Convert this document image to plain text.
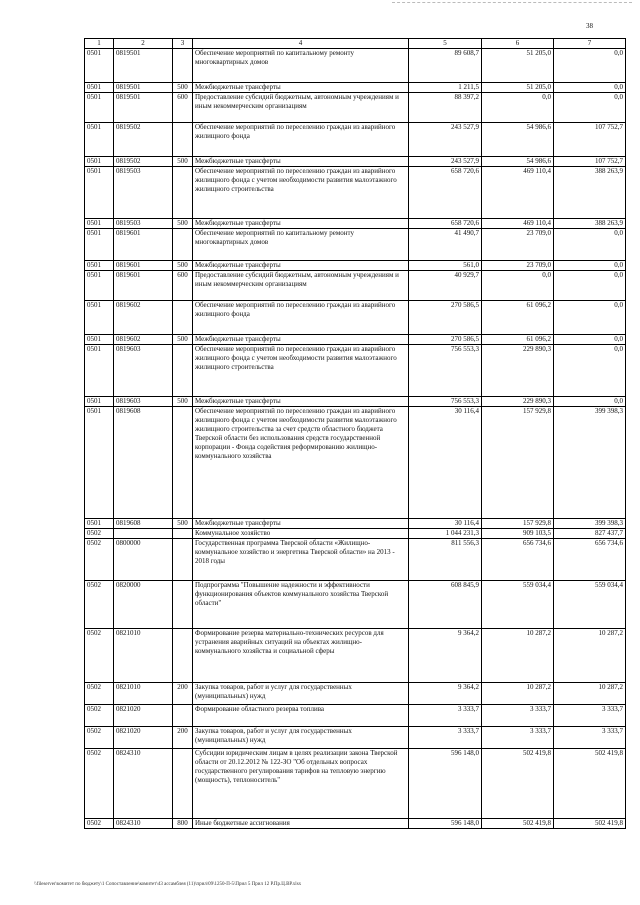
38
1	2	3	4	5	6	7
0501	0819501		Обеспечение мероприятий по капитальному ремонту многоквартирных домов	89 608,7	51 205,0	0,0
0501	0819501	500	Межбюджетные трансферты	1 211,5	51 205,0	0,0
0501	0819501	600	Предоставление субсидий бюджетным, автономным учреждениям и иным некоммерческим организациям	88 397,2	0,0	0,0
0501	0819502		Обеспечение мероприятий по переселению граждан из аварийного жилищного фонда	243 527,9	54 986,6	107 752,7
0501	0819502	500	Межбюджетные трансферты	243 527,9	54 986,6	107 752,7
0501	0819503		Обеспечение мероприятий по переселению граждан из аварийного жилищного фонда с учетом необходимости развития малоэтажного жилищного строительства	658 720,6	469 110,4	388 263,9
0501	0819503	500	Межбюджетные трансферты	658 720,6	469 110,4	388 263,9
0501	0819601		Обеспечение мероприятий по капитальному ремонту многоквартирных домов	41 490,7	23 709,0	0,0
0501	0819601	500	Межбюджетные трансферты	561,0	23 709,0	0,0
0501	0819601	600	Предоставление субсидий бюджетным, автономным учреждениям и иным некоммерческим организациям	40 929,7	0,0	0,0
0501	0819602		Обеспечение мероприятий по переселению граждан из аварийного жилищного фонда	270 586,5	61 096,2	0,0
0501	0819602	500	Межбюджетные трансферты	270 586,5	61 096,2	0,0
0501	0819603		Обеспечение мероприятий по переселению граждан из аварийного жилищного фонда с учетом необходимости развития малоэтажного жилищного строительства	756 553,3	229 890,3	0,0
0501	0819603	500	Межбюджетные трансферты	756 553,3	229 890,3	0,0
0501	0819608		Обеспечение мероприятий по переселению граждан из аварийного жилищного фонда с учетом необходимости развития малоэтажного жилищного строительства за счет средств областного бюджета Тверской области без использования средств государственной корпорации - Фонда содействия реформированию жилищно-коммунального хозяйства	30 116,4	157 929,8	399 398,3
0501	0819608	500	Межбюджетные трансферты	30 116,4	157 929,8	399 398,3
0502			Коммунальное хозяйство	1 044 231,3	909 103,5	827 437,7
0502	0800000		Государственная программа Тверской области «Жилищно-коммунальное хозяйство и энергетика Тверской области» на 2013 - 2018 годы	811 556,3	656 734,6	656 734,6
0502	0820000		Подпрограмма "Повышение надежности и эффективности функционирования объектов коммунального хозяйства Тверской области"	608 845,9	559 034,4	559 034,4
0502	0821010		Формирование резерва материально-технических ресурсов для устранения аварийных ситуаций на объектах жилищно-коммунального хозяйства и социальной сферы	9 364,2	10 287,2	10 287,2
0502	0821010	200	Закупка товаров, работ и услуг для государственных (муниципальных) нужд	9 364,2	10 287,2	10 287,2
0502	0821020		Формирование областного резерва топлива	3 333,7	3 333,7	3 333,7
0502	0821020	200	Закупка товаров, работ и услуг для государственных (муниципальных) нужд	3 333,7	3 333,7	3 333,7
0502	0824310		Субсидии юридическим лицам в целях реализации закона Тверской области от 20.12.2012 № 122-ЗО "Об отдельных вопросах государственного регулирования тарифов на тепловую энергию (мощность), теплоноситель"	596 148,0	502 419,8	502 419,8
0502	0824310	800	Иные бюджетные ассигнования	596 148,0	502 419,8	502 419,8
\\fileserver\комитет по бюджету\1 Сопоставление\комитет\43 ассамблея (11)\прил\09\1250-П-5\Прил 5 Прил 12 Р.Пр.Ц.ВР.xlsx
